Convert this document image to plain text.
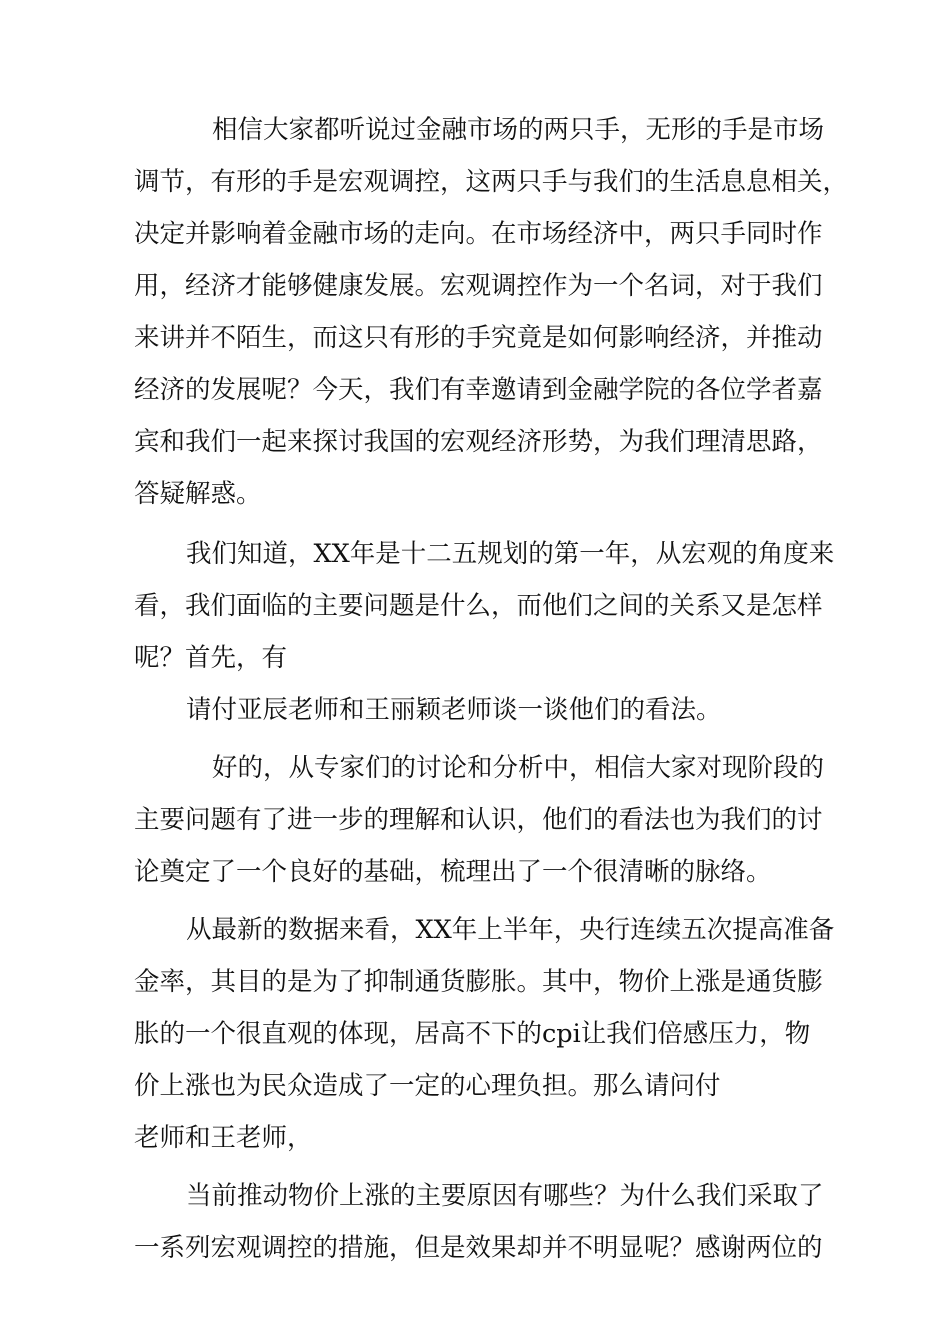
相信大家都听说过金融市场的两只手，无形的手是市场
调节，有形的手是宏观调控，这两只手与我们的生活息息相关，
决定并影响着金融市场的走向。在市场经济中，两只手同时作
用，经济才能够健康发展。宏观调控作为一个名词，对于我们
来讲并不陌生，而这只有形的手究竟是如何影响经济，并推动
经济的发展呢？今天，我们有幸邀请到金融学院的各位学者嘉
宾和我们一起来探讨我国的宏观经济形势，为我们理清思路，
答疑解惑。
我们知道，XX年是十二五规划的第一年，从宏观的角度来
看，我们面临的主要问题是什么，而他们之间的关系又是怎样
呢？首先，有
请付亚辰老师和王丽颖老师谈一谈他们的看法。
好的，从专家们的讨论和分析中，相信大家对现阶段的
主要问题有了进一步的理解和认识，他们的看法也为我们的讨
论奠定了一个良好的基础，梳理出了一个很清晰的脉络。
从最新的数据来看，XX年上半年，央行连续五次提高准备
金率，其目的是为了抑制通货膨胀。其中，物价上涨是通货膨
胀的一个很直观的体现，居高不下的cpi让我们倍感压力，物
价上涨也为民众造成了一定的心理负担。那么请问付
老师和王老师，
当前推动物价上涨的主要原因有哪些？为什么我们采取了
一系列宏观调控的措施，但是效果却并不明显呢？感谢两位的
